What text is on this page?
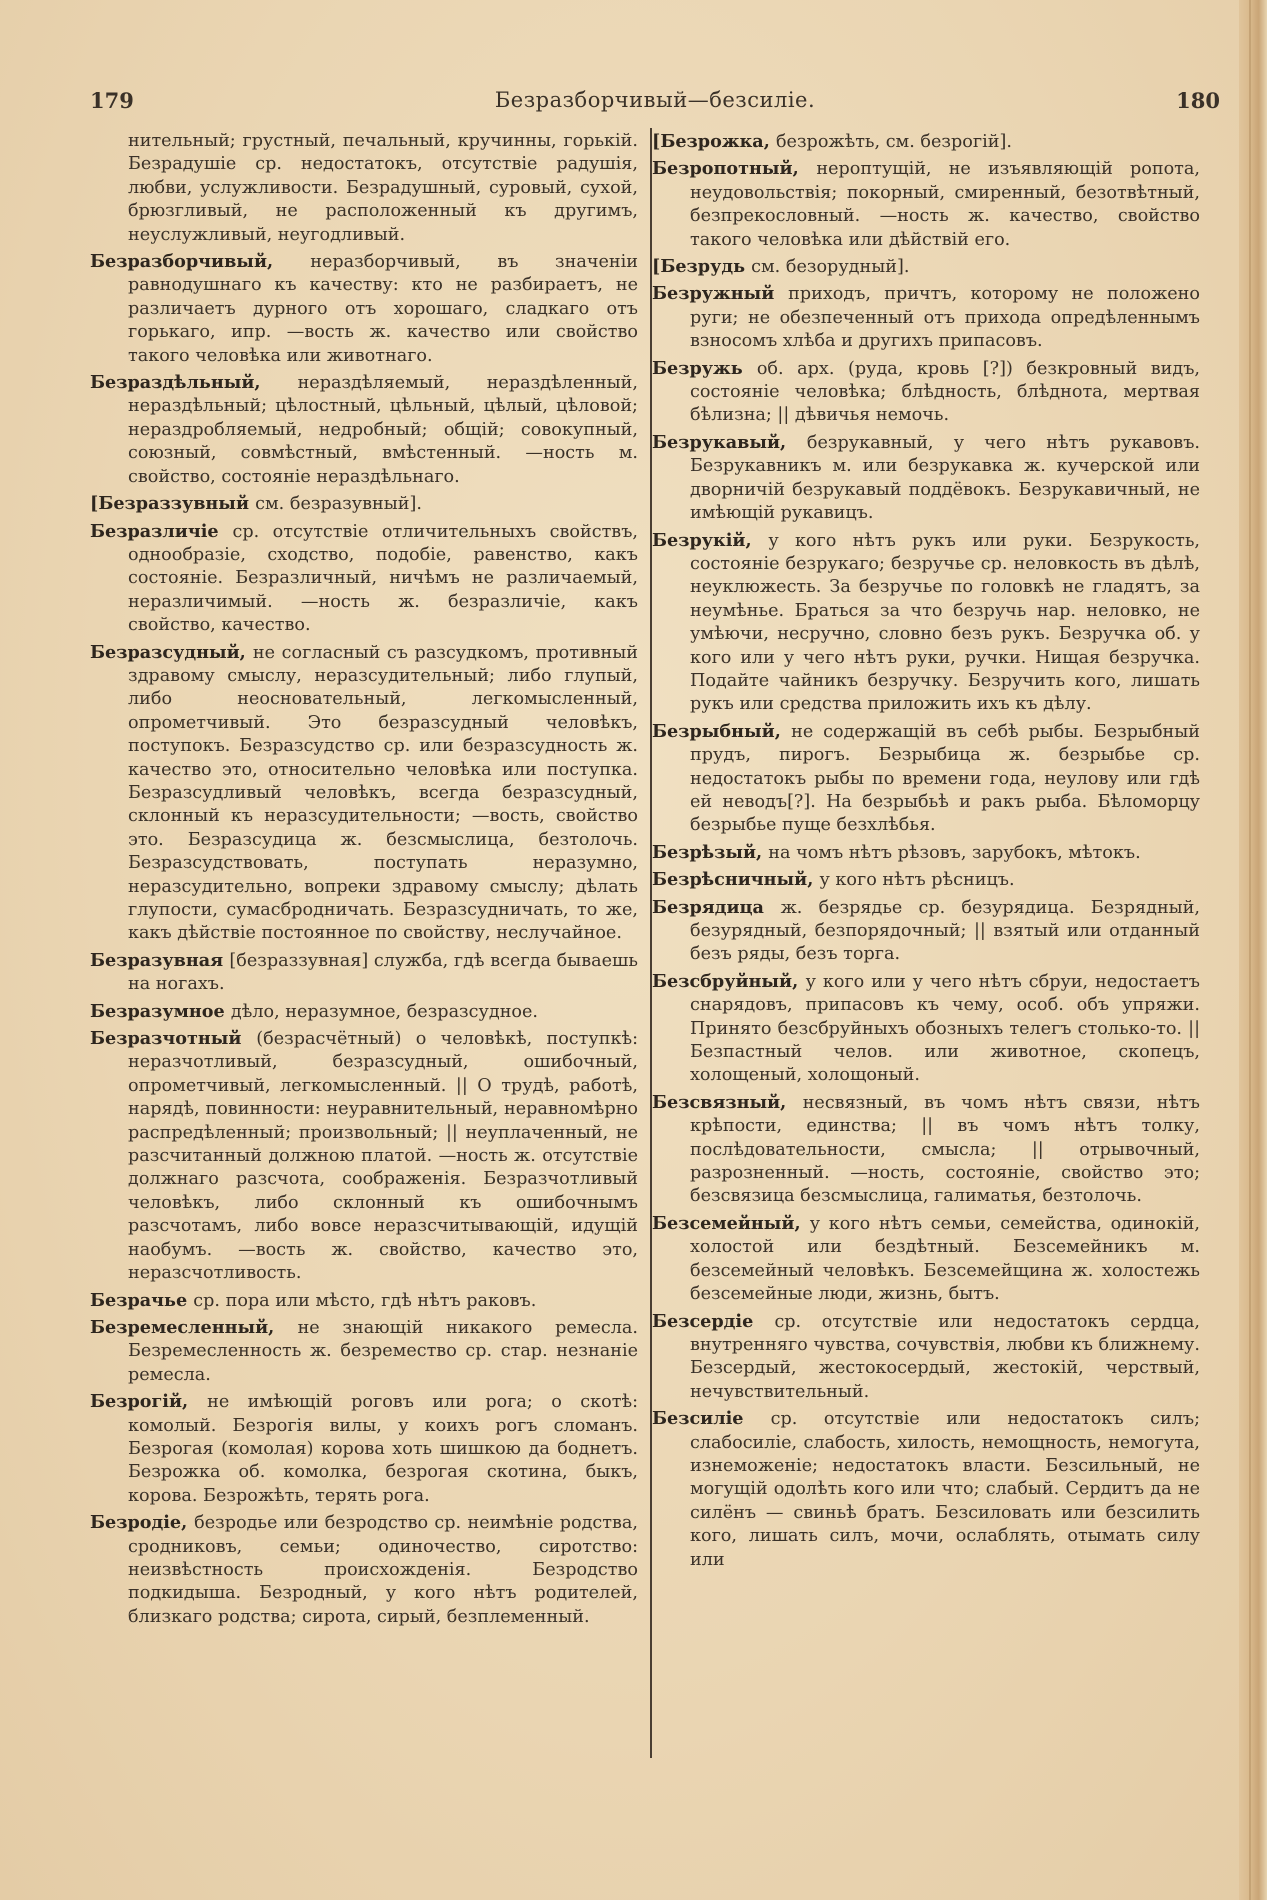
179	Безразборчивый—безсиліе.	180

нительный; грустный, печальный, кручинны, горькій. Безрадушіе ср. недостатокъ, отсутствіе радушія, любви, услужливости. Безрадушный, суровый, сухой, брюзгливый, не расположенный къ другимъ, неуслужливый, неугодливый.

Безразборчивый, неразборчивый, въ значеніи равнодушнаго къ качеству: кто не разбираетъ, не различаетъ дурного отъ хорошаго, сладкаго отъ горькаго, ипр. —вость ж. качество или свойство такого человѣка или животнаго.

Безраздѣльный, нераздѣляемый, нераздѣленный, нераздѣльный; цѣлостный, цѣльный, цѣлый, цѣловой; нераздробляемый, недробный; общій; совокупный, союзный, совмѣстный, вмѣстенный. —ность м. свойство, состояніе нераздѣльнаго.

[Безраззувный см. безразувный].

Безразличіе ср. отсутствіе отличительныхъ свойствъ, однообразіе, сходство, подобіе, равенство, какъ состояніе. Безразличный, ничѣмъ не различаемый, неразличимый. —ность ж. безразличіе, какъ свойство, качество.

Безразсудный, не согласный съ разсудкомъ, противный здравому смыслу, неразсудительный; либо глупый, либо неосновательный, легкомысленный, опрометчивый. Это безразсудный человѣкъ, поступокъ. Безразсудство ср. или безразсудность ж. качество это, относительно человѣка или поступка. Безразсудливый человѣкъ, всегда безразсудный, склонный къ неразсудительности; —вость, свойство это. Безразсудица ж. безсмыслица, безтолочь. Безразсудствовать, поступать неразумно, неразсудительно, вопреки здравому смыслу; дѣлать глупости, сумасбродничать. Безразсудничать, то же, какъ дѣйствіе постоянное по свойству, неслучайное.

Безразувная [безраззувная] служба, гдѣ всегда бываешь на ногахъ.

Безразумное дѣло, неразумное, безразсудное.

Безразчотный (безрасчётный) о человѣкѣ, поступкѣ: неразчотливый, безразсудный, ошибочный, опрометчивый, легкомысленный. || О трудѣ, работѣ, нарядѣ, повинности: неуравнительный, неравномѣрно распредѣленный; произвольный; || неуплаченный, не разсчитанный должною платой. —ность ж. отсутствіе должнаго разсчота, соображенія. Безразчотливый человѣкъ, либо склонный къ ошибочнымъ разсчотамъ, либо вовсе неразсчитывающій, идущій наобумъ. —вость ж. свойство, качество это, неразсчотливость.

Безрачье ср. пора или мѣсто, гдѣ нѣтъ раковъ.

Безремесленный, не знающій никакого ремесла. Безремесленность ж. безремество ср. стар. незнаніе ремесла.

Безрогій, не имѣющій роговъ или рога; о скотѣ: комолый. Безрогія вилы, у коихъ рогъ сломанъ. Безрогая (комолая) корова хоть шишкою да боднетъ. Безрожка об. комолка, безрогая скотина, быкъ, корова. Безрожѣть, терять рога.

Безродіе, безродье или безродство ср. неимѣніе родства, сродниковъ, семьи; одиночество, сиротство: неизвѣстность происхожденія. Безродство подкидыша. Безродный, у кого нѣтъ родителей, близкаго родства; сирота, сирый, безплеменный.

[Безрожка, безрожѣть, см. безрогій].

Безропотный, нероптущій, не изъявляющій ропота, неудовольствія; покорный, смиренный, безотвѣтный, безпрекословный. —ность ж. качество, свойство такого человѣка или дѣйствій его.

[Безрудь см. безорудный].

Безружный приходъ, причтъ, которому не положено руги; не обезпеченный отъ прихода опредѣленнымъ взносомъ хлѣба и другихъ припасовъ.

Безружь об. арх. (руда, кровь [?]) безкровный видъ, состояніе человѣка; блѣдность, блѣднота, мертвая бѣлизна; || дѣвичья немочь.

Безрукавый, безрукавный, у чего нѣтъ рукавовъ. Безрукавникъ м. или безрукавка ж. кучерской или дворничій безрукавый поддёвокъ. Безрукавичный, не имѣющій рукавицъ.

Безрукій, у кого нѣтъ рукъ или руки. Безрукость, состояніе безрукаго; безручье ср. неловкость въ дѣлѣ, неуклюжесть. За безручье по головкѣ не гладятъ, за неумѣнье. Браться за что безручь нар. неловко, не умѣючи, несручно, словно безъ рукъ. Безручка об. у кого или у чего нѣтъ руки, ручки. Нищая безручка. Подайте чайникъ безручку. Безручить кого, лишать рукъ или средства приложить ихъ къ дѣлу.

Безрыбный, не содержащій въ себѣ рыбы. Безрыбный прудъ, пирогъ. Безрыбица ж. безрыбье ср. недостатокъ рыбы по времени года, неулову или гдѣ ей неводъ[?]. На безрыбьѣ и ракъ рыба. Бѣломорцу безрыбье пуще безхлѣбья.

Безрѣзый, на чомъ нѣтъ рѣзовъ, зарубокъ, мѣтокъ.

Безрѣсничный, у кого нѣтъ рѣсницъ.

Безрядица ж. безрядье ср. безурядица. Безрядный, безурядный, безпорядочный; || взятый или отданный безъ ряды, безъ торга.

Безсбруйный, у кого или у чего нѣтъ сбруи, недостаетъ снарядовъ, припасовъ къ чему, особ. объ упряжи. Принято безсбруйныхъ обозныхъ телегъ столько-то. || Безпастный челов. или животное, скопецъ, холощеный, холощоный.

Безсвязный, несвязный, въ чомъ нѣтъ связи, нѣтъ крѣпости, единства; || въ чомъ нѣтъ толку, послѣдовательности, смысла; || отрывочный, разрозненный. —ность, состояніе, свойство это; безсвязица безсмыслица, галиматья, безтолочь.

Безсемейный, у кого нѣтъ семьи, семейства, одинокій, холостой или бездѣтный. Безсемейникъ м. безсемейный человѣкъ. Безсемейщина ж. холостежь безсемейные люди, жизнь, бытъ.

Безсердіе ср. отсутствіе или недостатокъ сердца, внутренняго чувства, сочувствія, любви къ ближнему. Безсердый, жестокосердый, жестокій, черствый, нечувствительный.

Безсиліе ср. отсутствіе или недостатокъ силъ; слабосиліе, слабость, хилость, немощность, немогута, изнеможеніе; недостатокъ власти. Безсильный, не могущій одолѣть кого или что; слабый. Сердитъ да не силёнъ — свиньѣ братъ. Безсиловать или безсилить кого, лишать силъ, мочи, ослаблять, отымать силу или
